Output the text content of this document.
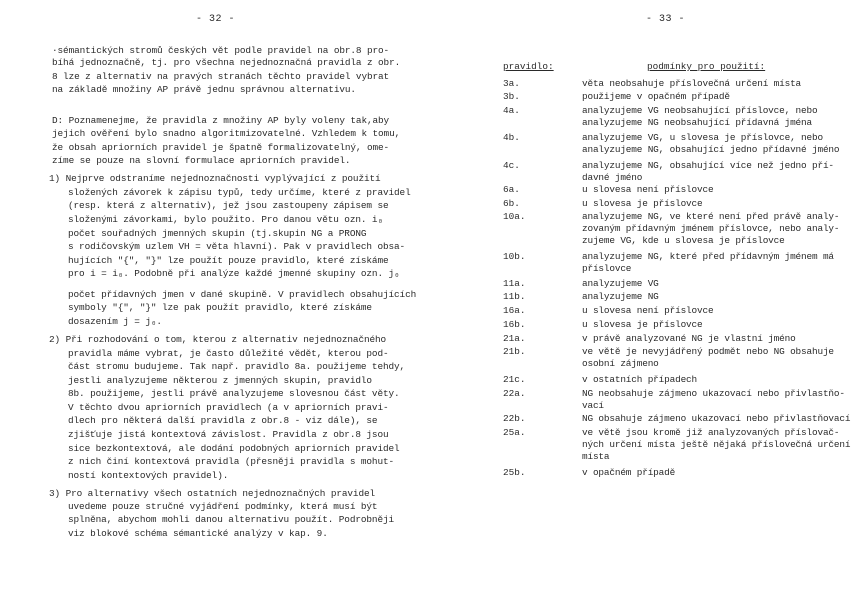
- 32 -
·sémantických stromů českých vět podle pravidel na obr.8 pro-
bíhá jednoznačně, tj. pro všechna nejednoznačná pravidla z obr.
8 lze z alternativ na pravých stranách těchto pravidel vybrat
na základě množiny AP právě jednu správnou alternativu.
D: Poznamenejme, že pravidla z množiny AP byly voleny tak,aby
jejich ověření bylo snadno algoritmizovatelné. Vzhledem k tomu,
že obsah apriorních pravidel je špatně formalizovatelný, ome-
zíme se pouze na slovní formulace apriorních pravidel.
1) Nejprve odstraníme nejednoznačnosti vyplývající z použití
složených závorek k zápisu typů, tedy určíme, které z pravidel
(resp. která z alternativ), jež jsou zastoupeny zápisem se
složenými závorkami, bylo použito. Pro danou větu ozn. i₀
počet souřadných jmenných skupin (tj.skupin NG a PRONG
s rodičovským uzlem VH = věta hlavní). Pak v pravidlech obsa-
hujících "{", "}" lze použít pouze pravidlo, které získáme
pro i = i₀. Podobně při analýze každé jmenné skupiny ozn. j₀
počet přídavných jmen v dané skupině. V pravidlech obsahujících
symboly "{", "}" lze pak použít pravidlo, které získáme
dosazením j = j₀.
2) Při rozhodování o tom, kterou z alternativ nejednoznačného
pravidla máme vybrat, je často důležité vědět, kterou pod-
část stromu budujeme. Tak např. pravidlo 8a. použijeme tehdy,
jestli analyzujeme některou z jmenných skupin, pravidlo
8b. použijeme, jestli právě analyzujeme slovesnou část věty.
V těchto dvou apriorních pravidlech (a v apriorních pravi-
dlech pro některá další pravidla z obr.8 - viz dále), se
zjišťuje jistá kontextová závislost. Pravidla z obr.8 jsou
sice bezkontextová, ale dodání podobných apriorních pravidel
z nich činí kontextová pravidla (přesněji pravidla s mohut-
ností kontextových pravidel).
3) Pro alternativy všech ostatních nejednoznačných pravidel
uvedeme pouze stručné vyjádření podmínky, která musí být
splněna, abychom mohli danou alternativu použít. Podrobněji
viz blokové schéma sémantické analýzy v kap. 9.
- 33 -
pravidlo:	podmínky pro použití:
3a.	věta neobsahuje příslovečná určení místa
3b.	použijeme v opačném případě
4a.	analyzujeme VG neobsahující příslovce, nebo
analyzujeme NG neobsahující přídavná jména
4b.	analyzujeme VG, u slovesa je příslovce, nebo
analyzujeme NG, obsahující jedno přídavné jméno
4c.	analyzujeme NG, obsahující více než jedno pří-
davné jméno
6a.	u slovesa není příslovce
6b.	u slovesa je příslovce
10a.	analyzujeme NG, ve které není před právě analy-
zovaným přídavným jménem příslovce, nebo analy-
zujeme VG, kde u slovesa je příslovce
10b.	analyzujeme NG, které před přídavným jménem má
příslovce
11a.	analyzujeme VG
11b.	analyzujeme NG
16a.	u slovesa není příslovce
16b.	u slovesa je příslovce
21a.	v právě analyzované NG je vlastní jméno
21b.	ve větě je nevyjádřený podmět nebo NG obsahuje
osobní zájmeno
21c.	v ostatních případech
22a.	NG neobsahuje zájmeno ukazovací nebo přivlastňo-
vací
22b.	NG obsahuje zájmeno ukazovací nebo přivlastňovací
25a.	ve větě jsou kromě již analyzovaných příslovač-
ných určení místa ještě nějaká příslovečná určení
místa
25b.	v opačném případě
